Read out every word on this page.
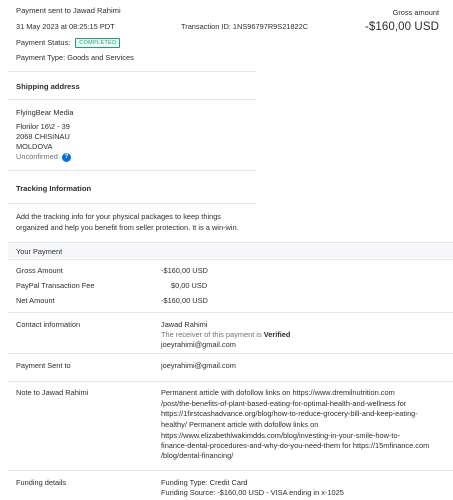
Payment sent to Jawad Rahimi
31 May 2023 at 08:25:15 PDT	Transaction ID: 1NS96797R9S21822C
Payment Status: COMPLETED
Payment Type: Goods and Services
Gross amount
-$160,00 USD
Shipping address
FlyingBear Media
Florilor 16\2 - 39
2068 CHISINAU
MOLDOVA
Unconfirmed ?
Tracking Information
Add the tracking info for your physical packages to keep things
organized and help you benefit from seller protection. It is a win-win.
Your Payment
Gross Amount	-$160,00 USD
PayPal Transaction Fee	$0,00 USD
Net Amount	-$160,00 USD
Contact information	Jawad Rahimi
The receiver of this payment is Verified
joeyrahimi@gmail.com
Payment Sent to	joeyrahimi@gmail.com
Note to Jawad Rahimi	Permanent article with dofollow links on https://www.dremilnutrition.com
/post/the-benefits-of-plant-based-eating-for-optimal-health-and-wellness for
https://1firstcashadvance.org/blog/how-to-reduce-grocery-bill-and-keep-eating-
healthy/ Permanent article with dofollow links on
https://www.elizabethlwakimdds.com/blog/investing-in-your-smile-how-to-
finance-dental-procedures-and-why-do-you-need-them for https://15mfinance.com
/blog/dental-financing/
Funding details	Funding Type: Credit Card
Funding Source: -$160,00 USD - VISA ending in x-1025
